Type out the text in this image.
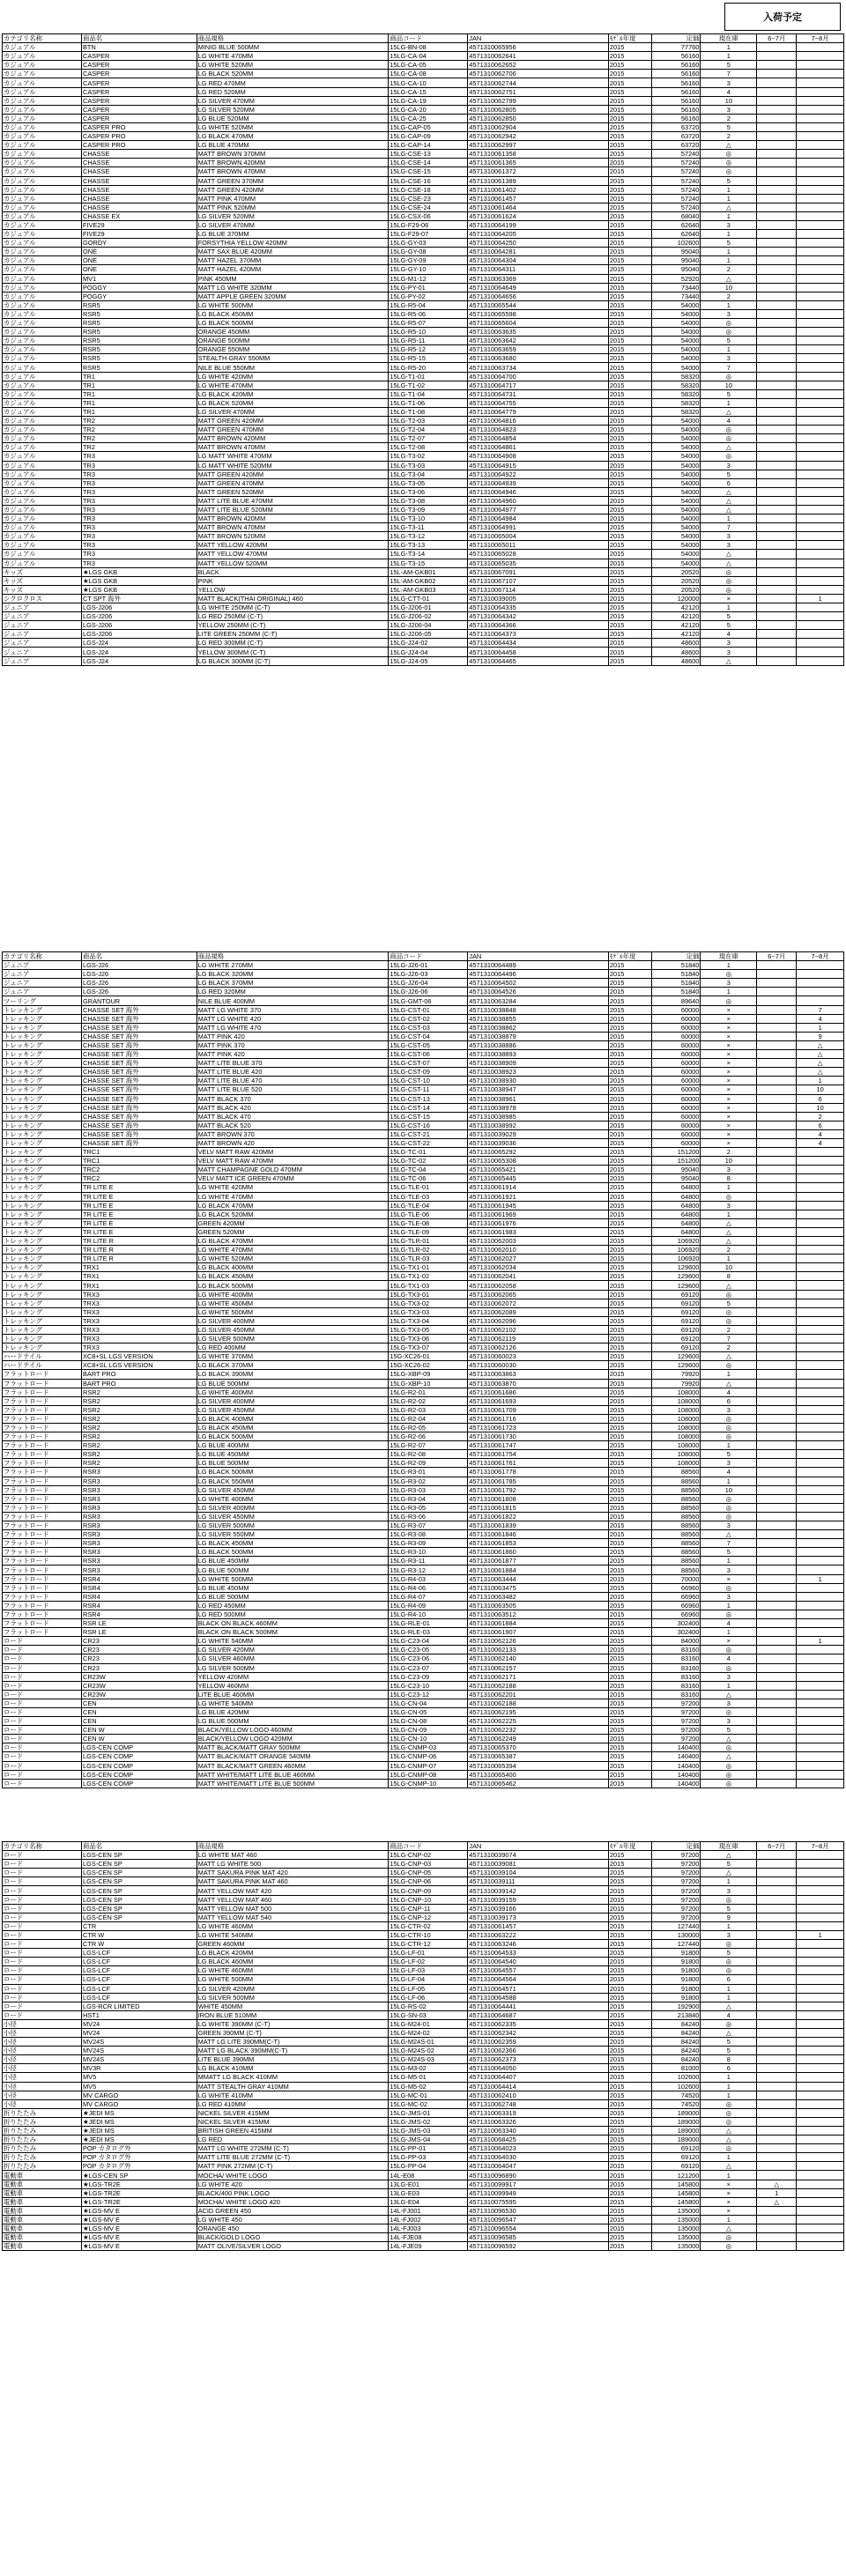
入荷予定
カテゴリ名称	商品名	商品規格	商品コード	JAN	ﾓﾃﾞﾙ年度	定価	現在庫	6~7月	7~8月
カジュアル	BTN	MINIG BLUE 500MM	15LG-BN-08	4571310065956	2015	77760	1		
カジュアル	CASPER	LG WHITE 470MM	15LG-CA-04	4571310062641	2015	56160	1		
カジュアル	CASPER	LG WHITE 520MM	15LG-CA-05	4571310062652	2015	56160	5		
カジュアル	CASPER	LG BLACK 520MM	15LG-CA-08	4571310062706	2015	56160	7		
カジュアル	CASPER	LG RED 470MM	15LG-CA-10	4571310062744	2015	56160	3		
カジュアル	CASPER	LG RED 520MM	15LG-CA-15	4571310062751	2015	56160	4		
カジュアル	CASPER	LG SILVER 470MM	15LG-CA-19	4571310062799	2015	56160	10		
カジュアル	CASPER	LG SILVER 520MM	15LG-CA-20	4571310062805	2015	56160	3		
カジュアル	CASPER	LG BLUE 520MM	15LG-CA-25	4571310062850	2015	56160	2		
カジュアル	CASPER PRO	LG WHITE 520MM	15LG-CAP-05	4571310062904	2015	63720	5		
カジュアル	CASPER PRO	LG BLACK 470MM	15LG-CAP-09	4571310062942	2015	63720	2		
カジュアル	CASPER PRO	LG BLUE 470MM	15LG-CAP-14	4571310062997	2015	63720	△		
カジュアル	CHASSE	MATT BROWN 370MM	15LG-CSE-13	4571310061358	2015	57240	◎		
カジュアル	CHASSE	MATT BROWN 420MM	15LG-CSE-14	4571310061365	2015	57240	◎		
カジュアル	CHASSE	MATT BROWN 470MM	15LG-CSE-15	4571310061372	2015	57240	◎		
カジュアル	CHASSE	MATT GREEN 370MM	15LG-CSE-16	4571310061389	2015	57240	5		
カジュアル	CHASSE	MATT GREEN 420MM	15LG-CSE-18	4571310061402	2015	57240	1		
カジュアル	CHASSE	MATT PINK 470MM	15LG-CSE-23	4571310061457	2015	57240	1		
カジュアル	CHASSE	MATT PINK 520MM	15LG-CSE-24	4571310061464	2015	57240	△		
カジュアル	CHASSE EX	LG SILVER 520MM	15LG-CSX-06	4571310061624	2015	68040	1		
カジュアル	FIVE29	LG SILVER 470MM	15LG-F29-06	4571310064199	2015	62640	3		
カジュアル	FIVE29	LG BLUE 370MM	15LG-F29-07	4571310064205	2015	62640	1		
カジュアル	GORDY	FORSYTHIA YELLOW 420MM	15LG-GY-03	4571310064250	2015	102600	5		
カジュアル	ONE	MATT SAX BLUE 420MM	15LG-GY-08	4571310064281	2015	95040	1		
カジュアル	ONE	MATT HAZEL 370MM	15LG-GY-09	4571310064304	2015	95040	1		
カジュアル	ONE	MATT HAZEL 420MM	15LG-GY-10	4571310064311	2015	95040	2		
カジュアル	MV1	PINK 450MM	15LG-M1-12	4571310063369	2015	52920	△		
カジュアル	POGGY	MATT LG WHITE 320MM	15LG-PY-01	4571310064649	2015	73440	10		
カジュアル	POGGY	MATT APPLE GREEN 320MM	15LG-PY-02	4571310064656	2015	73440	2		
カジュアル	RSR5	LG WHITE 500MM	15LG-R5-04	4571310065544	2015	54000	1		
カジュアル	RSR5	LG BLACK 450MM	15LG-R5-06	4571310065598	2015	54000	3		
カジュアル	RSR5	LG BLACK 500MM	15LG-R5-07	4571310065604	2015	54000	◎		
カジュアル	RSR5	ORANGE 450MM	15LG-R5-10	4571310063635	2015	54000	◎		
カジュアル	RSR5	ORANGE 500MM	15LG-R5-11	4571310063642	2015	54000	5		
カジュアル	RSR5	ORANGE 550MM	15LG-R5-12	4571310063659	2015	54000	1		
カジュアル	RSR5	STEALTH GRAY 550MM	15LG-R5-15	4571310063680	2015	54000	3		
カジュアル	RSR5	NILE BLUE 550MM	15LG-R5-20	4571310063734	2015	54000	7		
カジュアル	TR1	LG WHITE 420MM	15LG-T1-01	4571310064700	2015	58320	◎		
カジュアル	TR1	LG WHITE 470MM	15LG-T1-02	4571310064717	2015	58320	10		
カジュアル	TR1	LG BLACK 420MM	15LG-T1-04	4571310064731	2015	58320	5		
カジュアル	TR1	LG BLACK 520MM	15LG-T1-06	4571310064755	2015	58320	1		
カジュアル	TR1	LG SILVER 470MM	15LG-T1-08	4571310064779	2015	58320	△		
カジュアル	TR2	MATT GREEN 420MM	15LG-T2-03	4571310064816	2015	54000	4		
カジュアル	TR2	MATT GREEN 470MM	15LG-T2-04	4571310064823	2015	54000	◎		
カジュアル	TR2	MATT BROWN 420MM	15LG-T2-07	4571310064854	2015	54000	◎		
カジュアル	TR2	MATT BROWN 470MM	15LG-T2-08	4571310064861	2015	54000	△		
カジュアル	TR3	LG MATT WHITE 470MM	15LG-T3-02	4571310064908	2015	54000	◎		
カジュアル	TR3	LG MATT WHITE 520MM	15LG-T3-03	4571310064915	2015	54000	3		
カジュアル	TR3	MATT GREEN 420MM	15LG-T3-04	4571310064922	2015	54000	5		
カジュアル	TR3	MATT GREEN 470MM	15LG-T3-05	4571310064939	2015	54000	6		
カジュアル	TR3	MATT GREEN 520MM	15LG-T3-06	4571310064946	2015	54000	△		
カジュアル	TR3	MATT LITE BLUE 470MM	15LG-T3-08	4571310064960	2015	54000	△		
カジュアル	TR3	MATT LITE BLUE 520MM	15LG-T3-09	4571310064977	2015	54000	△		
カジュアル	TR3	MATT BROWN 420MM	15LG-T3-10	4571310064984	2015	54000	1		
カジュアル	TR3	MATT BROWN 470MM	15LG-T3-11	4571310064991	2015	54000	7		
カジュアル	TR3	MATT BROWN 520MM	15LG-T3-12	4571310065004	2015	54000	3		
カジュアル	TR3	MATT YELLOW 420MM	15LG-T3-13	4571310065011	2015	54000	3		
カジュアル	TR3	MATT YELLOW 470MM	15LG-T3-14	4571310065028	2015	54000	△		
カジュアル	TR3	MATT YELLOW 520MM	15LG-T3-15	4571310065035	2015	54000	△		
キッズ	★LGS GKB	BLACK	15L-AM-GKB01	4571310067091	2015	20520	◎		
キッズ	★LGS GKB	PINK	15L-AM-GKB02	4571310067107	2015	20520	◎		
キッズ	★LGS GKB	YELLOW	15L-AM-GKB03	4571310067114	2015	20520	◎		
シクロクロス	CT SPT 海外	MATT BLACK(THAI ORIGINAL) 460	15LG-CTT-01	4571310039005	2015	120000	×		1
ジュニア	LGS-J206	LG WHITE 250MM (C-T)	15LG-J206-01	4571310064335	2015	42120	1		
ジュニア	LGS-J206	LG RED 250MM (C-T)	15LG-J206-02	4571310064342	2015	42120	5		
ジュニア	LGS-J206	YELLOW 250MM (C-T)	15LG-J206-04	4571310064366	2015	42120	5		
ジュニア	LGS-J206	LITE GREEN 250MM (C-T)	15LG-J206-05	4571310064373	2015	42120	4		
ジュニア	LGS-J24	LG RED 300MM (C-T)	15LG-J24-02	4571310064434	2015	48600	3		
ジュニア	LGS-J24	YELLOW 300MM (C-T)	15LG-J24-04	4571310064458	2015	48600	3		
ジュニア	LGS-J24	LG BLACK 300MM (C-T)	15LG-J24-05	4571310064465	2015	48600	△		
カテゴリ名称	商品名	商品規格	商品コード	JAN	ﾓﾃﾞﾙ年度	定価	現在庫	6~7月	7~8月
ジュニア	LGS-J26	LG WHITE 270MM	15LG-J26-01	4571310064489	2015	51840	1		
ジュニア	LGS-J26	LG BLACK 320MM	15LG-J26-03	4571310064496	2015	51840	◎		
ジュニア	LGS-J26	LG BLACK 370MM	15LG-J26-04	4571310064502	2015	51840	3		
ジュニア	LGS-J26	LG RED 320MM	15LG-J26-06	4571310064526	2015	51840	1		
ツーリング	GRANTOUR	NILE BLUE 400MM	15LG-GMT-06	4571310063284	2015	89640	◎		
トレッキング	CHASSE SET 海外	MATT LG WHITE 370	15LG-CST-01	4571310038848	2015	60000	×		7
トレッキング	CHASSE SET 海外	MATT LG WHITE 420	15LG-CST-02	4571310038855	2015	60000	×		4
トレッキング	CHASSE SET 海外	MATT LG WHITE 470	15LG-CST-03	4571310038862	2015	60000	×		1
トレッキング	CHASSE SET 海外	MATT PINK 420	15LG-CST-04	4571310038879	2015	60000	×		9
トレッキング	CHASSE SET 海外	MATT PINK 370	15LG-CST-05	4571310038886	2015	60000	×		△
トレッキング	CHASSE SET 海外	MATT PINK 420	15LG-CST-06	4571310038893	2015	60000	×		△
トレッキング	CHASSE SET 海外	MATT LITE BLUE 370	15LG-CST-07	4571310038909	2015	60000	×		△
トレッキング	CHASSE SET 海外	MATT LITE BLUE 420	15LG-CST-09	4571310038923	2015	60000	×		△
トレッキング	CHASSE SET 海外	MATT LITE BLUE 470	15LG-CST-10	4571310038930	2015	60000	×		1
トレッキング	CHASSE SET 海外	MATT LITE BLUE 520	15LG-CST-11	4571310038947	2015	60000	×		10
トレッキング	CHASSE SET 海外	MATT BLACK 370	15LG-CST-13	4571310038961	2015	60000	×		6
トレッキング	CHASSE SET 海外	MATT BLACK 420	15LG-CST-14	4571310038978	2015	60000	×		10
トレッキング	CHASSE SET 海外	MATT BLACK 470	15LG-CST-15	4571310038985	2015	60000	×		2
トレッキング	CHASSE SET 海外	MATT BLACK 520	15LG-CST-16	4571310038992	2015	60000	×		6
トレッキング	CHASSE SET 海外	MATT BROWN 370	15LG-CST-21	4571310039029	2015	60000	×		4
トレッキング	CHASSE SET 海外	MATT BROWN 420	15LG-CST-22	4571310039036	2015	60000	×		4
トレッキング	TRC1	VELV MATT RAW 420MM	15LG-TC-01	4571310065292	2015	151200	2		
トレッキング	TRC1	VELV MATT RAW 470MM	15LG-TC-02	4571310065308	2015	151200	10		
トレッキング	TRC2	MATT CHAMPAGNE GOLD 470MM	15LG-TC-04	4571310065421	2015	95040	3		
トレッキング	TRC2	VELV MATT ICE GREEN 470MM	15LG-TC-06	4571310065445	2015	95040	8		
トレッキング	TR LITE E	LG WHITE 420MM	15LG-TLE-01	4571310061914	2015	64800	1		
トレッキング	TR LITE E	LG WHITE 470MM	15LG-TLE-03	4571310061921	2015	64800	◎		
トレッキング	TR LITE E	LG BLACK 470MM	15LG-TLE-04	4571310061945	2015	64800	3		
トレッキング	TR LITE E	LG BLACK 520MM	15LG-TLE-06	4571310061969	2015	64800	1		
トレッキング	TR LITE E	GREEN 420MM	15LG-TLE-08	4571310061976	2015	64800	△		
トレッキング	TR LITE E	GREEN 520MM	15LG-TLE-09	4571310061983	2015	64800	△		
トレッキング	TR LITE R	LG BLACK 470MM	15LG-TLR-01	4571310062003	2015	106920	△		
トレッキング	TR LITE R	LG WHITE 470MM	15LG-TLR-02	4571310062010	2015	106920	2		
トレッキング	TR LITE R	LG WHITE 520MM	15LG-TLR-03	4571310062027	2015	106920	1		
トレッキング	TRX1	LG BLACK 400MM	15LG-TX1-01	4571310062034	2015	129600	10		
トレッキング	TRX1	LG BLACK 450MM	15LG-TX1-02	4571310062041	2015	129600	8		
トレッキング	TRX1	LG BLACK 500MM	15LG-TX1-03	4571310062058	2015	129600	△		
トレッキング	TRX3	LG WHITE 400MM	15LG-TX3-01	4571310062065	2015	69120	◎		
トレッキング	TRX3	LG WHITE 450MM	15LG-TX3-02	4571310062072	2015	69120	5		
トレッキング	TRX3	LG WHITE 500MM	15LG-TX3-03	4571310062089	2015	69120	◎		
トレッキング	TRX3	LG SILVER 400MM	15LG-TX3-04	4571310062096	2015	69120	◎		
トレッキング	TRX3	LG SILVER 450MM	15LG-TX3-05	4571310062102	2015	69120	2		
トレッキング	TRX3	LG SILVER 500MM	15LG-TX3-06	4571310062119	2015	69120	7		
トレッキング	TRX3	LG RED 400MM	15LG-TX3-07	4571310062126	2015	69120	2		
ハードテイル	XC8+SL LGS VERSION	LG WHITE 370MM	15G-XC26-01	4571310060023	2015	129600	△		
ハードテイル	XC8+SL LGS VERSION	LG BLACK 370MM	15G-XC26-02	4571310060030	2015	129600	◎		
フラットロード	BART PRO	LG BLACK 390MM	15LG-XBP-09	4571310063863	2015	79920	1		
フラットロード	BART PRO	LG BLUE 500MM	15LG-XBP-10	4571310063870	2015	79920	△		
フラットロード	RSR2	LG WHITE 400MM	15LG-R2-01	4571310061686	2015	108000	4		
フラットロード	RSR2	LG SILVER 400MM	15LG-R2-02	4571310061693	2015	108000	6		
フラットロード	RSR2	LG SILVER 450MM	15LG-R2-03	4571310061709	2015	108000	3		
フラットロード	RSR2	LG BLACK 400MM	15LG-R2-04	4571310061716	2015	108000	◎		
フラットロード	RSR2	LG BLACK 450MM	15LG-R2-05	4571310061723	2015	108000	◎		
フラットロード	RSR2	LG BLACK 500MM	15LG-R2-06	4571310061730	2015	108000	◎		
フラットロード	RSR2	LG BLUE 400MM	15LG-R2-07	4571310061747	2015	108000	1		
フラットロード	RSR2	LG BLUE 450MM	15LG-R2-08	4571310061754	2015	108000	5		
フラットロード	RSR2	LG BLUE 500MM	15LG-R2-09	4571310061761	2015	108000	3		
フラットロード	RSR3	LG BLACK 500MM	15LG-R3-01	4571310061778	2015	88560	4		
フラットロード	RSR3	LG BLACK 550MM	15LG-R3-02	4571310061785	2015	88560	1		
フラットロード	RSR3	LG SILVER 450MM	15LG-R3-03	4571310061792	2015	88560	10		
フラットロード	RSR3	LG WHITE 400MM	15LG-R3-04	4571310061808	2015	88560	◎		
フラットロード	RSR3	LG SILVER 400MM	15LG-R3-05	4571310061815	2015	88560	◎		
フラットロード	RSR3	LG SILVER 450MM	15LG-R3-06	4571310061822	2015	88560	◎		
フラットロード	RSR3	LG SILVER 500MM	15LG-R3-07	4571310061839	2015	88560	3		
フラットロード	RSR3	LG SILVER 550MM	15LG-R3-08	4571310061846	2015	88560	△		
フラットロード	RSR3	LG BLACK 450MM	15LG-R3-09	4571310061853	2015	88560	7		
フラットロード	RSR3	LG BLACK 500MM	15LG-R3-10	4571310061860	2015	88560	5		
フラットロード	RSR3	LG BLUE 450MM	15LG-R3-11	4571310061877	2015	88560	1		
フラットロード	RSR3	LG BLUE 500MM	15LG-R3-12	4571310061884	2015	88560	3		
フラットロード	RSR4	LG WHITE 500MM	15LG-R4-03	4571310063444	2015	70000	×		1
フラットロード	RSR4	LG BLUE 450MM	15LG-R4-06	4571310063475	2015	66960	◎		
フラットロード	RSR4	LG BLUE 500MM	15LG-R4-07	4571310063482	2015	66960	3		
フラットロード	RSR4	LG RED 450MM	15LG-R4-09	4571310063505	2015	66960	1		
フラットロード	RSR4	LG RED 500MM	15LG-R4-10	4571310063512	2015	66960	◎		
フラットロード	RSR LE	BLACK ON BLACK 460MM	15LG-RLE-01	4571310061884	2015	302400	4		
フラットロード	RSR LE	BLACK ON BLACK 500MM	15LG-RLE-03	4571310061907	2015	302400	1		
ロード	CR23	LG WHITE 540MM	15LG-C23-04	4571310062126	2015	84000	×		1
ロード	CR23	LG SILVER 420MM	15LG-C23-05	4571310062133	2015	83160	◎		
ロード	CR23	LG SILVER 460MM	15LG-C23-06	4571310062140	2015	83160	4		
ロード	CR23	LG SILVER 500MM	15LG-C23-07	4571310062157	2015	83160	◎		
ロード	CR23W	YELLOW 420MM	15LG-C23-09	4571310062171	2015	83160	3		
ロード	CR23W	YELLOW 460MM	15LG-C23-10	4571310062188	2015	83160	1		
ロード	CR23W	LITE BLUE 460MM	15LG-C23-12	4571310062201	2015	83160	△		
ロード	CEN	LG WHITE 540MM	15LG-CN-04	4571310062188	2015	97200	3		
ロード	CEN	LG BLUE 420MM	15LG-CN-05	4571310062195	2015	97200	◎		
ロード	CEN	LG BLUE 500MM	15LG-CN-08	4571310062225	2015	97200	3		
ロード	CEN W	BLACK/YELLOW LOGO 460MM	15LG-CN-09	4571310062232	2015	97200	5		
ロード	CEN W	BLACK/YELLOW LOGO 420MM	15LG-CN-10	4571310062249	2015	97200	△		
ロード	LGS-CEN COMP	MATT BLACK/MATT GRAY 500MM	15LG-CNMP-03	4571310065370	2015	140400	◎		
ロード	LGS-CEN COMP	MATT BLACK/MATT ORANGE 540MM	15LG-CNMP-06	4571310065387	2015	140400	△		
ロード	LGS-CEN COMP	MATT BLACK/MATT GREEN 460MM	15LG-CNMP-07	4571310065394	2015	140400	◎		
ロード	LGS-CEN COMP	MATT WHITE/MATT LITE BLUE 460MM	15LG-CNMP-08	4571310065400	2015	140400	◎		
ロード	LGS-CEN COMP	MATT WHITE/MATT LITE BLUE 500MM	15LG-CNMP-10	4571310065462	2015	140400	◎		
カテゴリ名称	商品名	商品規格	商品コード	JAN	ﾓﾃﾞﾙ年度	定価	現在庫	6~7月	7~8月
ロード	LGS-CEN SP	LG WHITE MAT 460	15LG-CNP-02	4571310039074	2015	97200	△		
ロード	LGS-CEN SP	MATT LG WHITE 500	15LG-CNP-03	4571310039081	2015	97200	5		
ロード	LGS-CEN SP	MATT SAKURA PINK MAT 420	15LG-CNP-05	4571310039104	2015	97200	△		
ロード	LGS-CEN SP	MATT SAKURA PINK MAT 460	15LG-CNP-06	4571310039111	2015	97200	1		
ロード	LGS-CEN SP	MATT YELLOW MAT 420	15LG-CNP-09	4571310039142	2015	97200	3		
ロード	LGS-CEN SP	MATT YELLOW MAT 460	15LG-CNP-10	4571310039159	2015	97200	◎		
ロード	LGS-CEN SP	MATT YELLOW MAT 500	15LG-CNP-11	4571310039166	2015	97200	5		
ロード	LGS-CEN SP	MATT YELLOW MAT 540	15LG-CNP-12	4571310039173	2015	97200	9		
ロード	CTR	LG WHITE 460MM	15LG-CTR-02	4571310061457	2015	127440	1		
ロード	CTR W	LG WHITE 540MM	15LG-CTR-10	4571310063222	2015	130000	3		1
ロード	CTR W	GREEN 460MM	15LG-CTR-12	4571310063246	2015	127440	◎		
ロード	LGS-LCF	LG BLACK 420MM	15LG-LF-01	4571310064533	2015	91800	5		
ロード	LGS-LCF	LG BLACK 460MM	15LG-LF-02	4571310064540	2015	91800	◎		
ロード	LGS-LCF	LG WHITE 460MM	15LG-LF-03	4571310064557	2015	91800	◎		
ロード	LGS-LCF	LG WHITE 500MM	15LG-LF-04	4571310064564	2015	91800	6		
ロード	LGS-LCF	LG SILVER 420MM	15LG-LF-05	4571310064571	2015	91800	1		
ロード	LGS-LCF	LG SILVER 500MM	15LG-LF-06	4571310064588	2015	91800	1		
ロード	LGS-RCR LIMITED	WHITE 450MM	15LG-RS-02	4571310064441	2015	192900	△		
ロード	HST1	IRON BLUE 510MM	15LG-SN-03	4571310064687	2015	213840	4		
小径	MV24	LG WHITE 390MM (C-T)	15LG-M24-01	4571310062335	2015	84240	◎		
小径	MV24	GREEN 390MM (C-T)	15LG-M24-02	4571310062342	2015	84240	△		
小径	MV24S	MATT LG LITE 390MM(C-T)	15LG-M24S-01	4571310062359	2015	84240	5		
小径	MV24S	MATT LG BLACK 390MM(C-T)	15LG-M24S-02	4571310062366	2015	84240	5		
小径	MV24S	LITE BLUE 390MM	15LG-M24S-03	4571310062373	2015	84240	8		
小径	MV3R	LG BLACK 410MM	15LG-M3-02	4571310064050	2015	81000	6		
小径	MV5	MMATT LG BLACK 410MM	15LG-M5-01	4571310064407	2015	102600	1		
小径	MV5	MATT STEALTH GRAY 410MM	15LG-M5-02	4571310064414	2015	102600	1		
小径	MV CARGO	LG WHITE 410MM	15LG-MC-01	4571310062410	2015	74520	1		
小径	MV CARGO	LG RED 410MM	15LG-MC-02	4571310062748	2015	74520	◎		
折りたたみ	★JEDI MS	NICKEL SILVER 415MM	15LG-JMS-01	4571310063319	2015	189000	◎		
折りたたみ	★JEDI MS	NICKEL SILVER 415MM	15LG-JMS-02	4571310063326	2015	189000	◎		
折りたたみ	★JEDI MS	BRITISH GREEN 415MM	15LG-JMS-03	4571310063340	2015	189000	△		
折りたたみ	★JEDI MS	LG RED	15LG-JMS-04	4571310068425	2015	189000	△		
折りたたみ	POP カタログ外	MATT LG WHITE 272MM (C-T)	15LG-PP-01	4571310064023	2015	69120	◎		
折りたたみ	POP カタログ外	MATT LITE BLUE 272MM (C-T)	15LG-PP-03	4571310064030	2015	69120	1		
折りたたみ	POP カタログ外	MATT PINK 272MM (C-T)	15LG-PP-04	4571310064047	2015	69120	△		
電動車	★LGS-CEN SP	MOCHA/ WHITE LOGO	14L-E08	4571310096890	2015	121200	1		
電動車	★LGS-TR2E	LG WHITE 420	13LG-E01	4571310099917	2015	145800	×	△	
電動車	★LGS-TR2E	BLACK/400 PINK LOGO	13LG-E03	4571310099949	2015	145800	×	1	
電動車	★LGS-TR2E	MOCHA/ WHITE LOGO 420	13LG-E04	4571310075595	2015	145800	×	△	
電動車	★LGS-MV E	ACID GREEN 450	14L-FJ001	4571310096530	2015	135000	×		
電動車	★LGS-MV E	LG WHITE 450	14L-FJ002	4571310096547	2015	135000	1		
電動車	★LGS-MV E	ORANGE 450	14L-FJ003	4571310096554	2015	135000	△		
電動車	★LGS-MV E	BLACK/GOLD LOGO	14L-FJE08	4571310096585	2015	135000	◎		
電動車	★LGS-MV E	MATT OLIVE/SILVER LOGO	14L-FJE09	4571310096592	2015	135000	◎		
